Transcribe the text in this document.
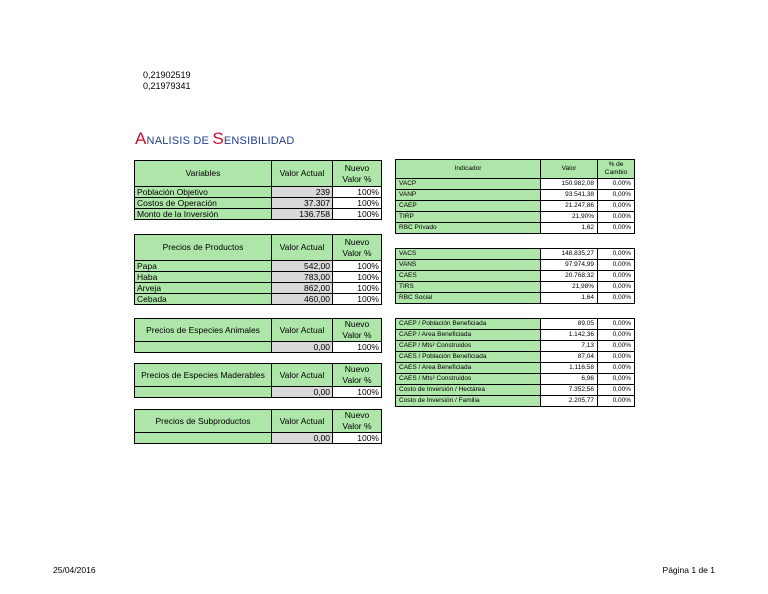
0,21902519
0,21979341
ANALISIS DE SENSIBILIDAD
Variables	Valor Actual	Nuevo Valor %
Población Objetivo	239	100%
Costos de Operación	37.307	100%
Monto de la Inversión	136.758	100%
Precios de Productos	Valor Actual	Nuevo Valor %
Papa	542,00	100%
Haba	783,00	100%
Arveja	862,00	100%
Cebada	460,00	100%
Precios de Especies Animales	Valor Actual	Nuevo Valor %
	0,00	100%
Precios de Especies Maderables	Valor Actual	Nuevo Valor %
	0,00	100%
Precios de Subproductos	Valor Actual	Nuevo Valor %
	0,00	100%
Indicador	Valor	% de Cambio
VACP	150.982,08	0,00%
VANP	93.541,38	0,00%
CAEP	21.247,86	0,00%
TIRP	21,90%	0,00%
RBC Privado	1,62	0,00%
VACS	148.835,27	0,00%
VANS	97.974,99	0,00%
CAES	20.768,32	0,00%
TIRS	21,98%	0,00%
RBC Social	1,64	0,00%
CAEP / Población Beneficiada	89,05	0,00%
CAEP / Area Beneficiada	1.142,36	0,00%
CAEP / Mts² Construidos	7,13	0,00%
CAES / Población Beneficiada	87,04	0,00%
CAES / Area Beneficiada	1.116,58	0,00%
CAES / Mts² Construidos	6,96	0,00%
Costo de Inversión / Hectárea	7.352,56	0,00%
Costo de Inversión / Familia	2.205,77	0,00%
25/04/2016	Página 1 de 1
